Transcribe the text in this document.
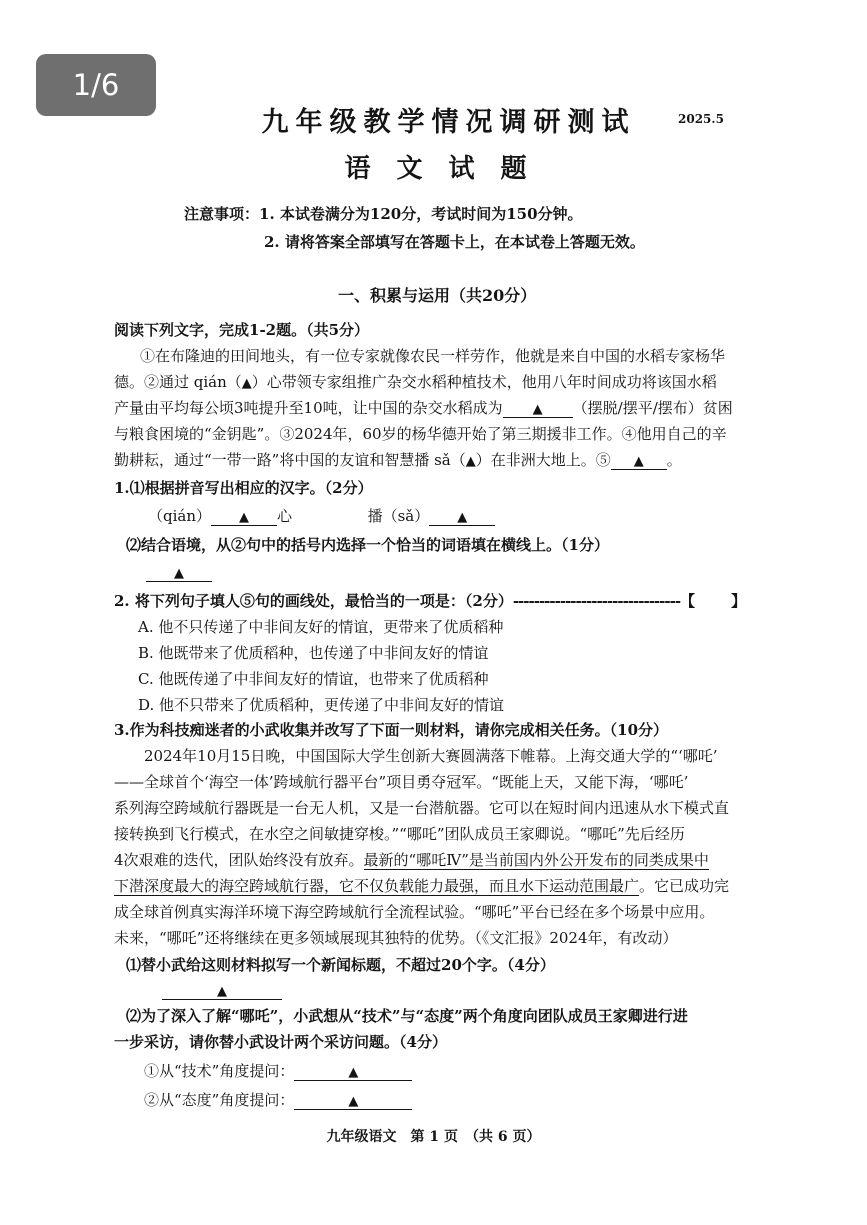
1/6
九年级教学情况调研测试	2025.5
语文试题
注意事项：1. 本试卷满分为120分，考试时间为150分钟。
2. 请将答案全部填写在答题卡上，在本试卷上答题无效。
一、积累与运用（共20分）
阅读下列文字，完成1-2题。（共5分）
①在布隆迪的田间地头，有一位专家就像农民一样劳作，他就是来自中国的水稻专家杨华
德。②通过 qián（▲）心带领专家组推广杂交水稻种植技术，他用八年时间成功将该国水稻
产量由平均每公顷3吨提升至10吨，让中国的杂交水稻成为 ▲ （摆脱/摆平/摆布）贫困
与粮食困境的“金钥匙”。③2024年，60岁的杨华德开始了第三期援非工作。④他用自己的辛
勤耕耘，通过“一带一路”将中国的友谊和智慧播 sǎ（▲）在非洲大地上。⑤ ▲ 。
1.⑴根据拼音写出相应的汉字。（2分）
（qián） ▲ 心	播（sǎ） ▲
⑵结合语境，从②句中的括号内选择一个恰当的词语填在横线上。（1分）
▲
2. 将下列句子填人⑤句的画线处，最恰当的一项是：（2分）--------------------------------【 】
A. 他不只传递了中非间友好的情谊，更带来了优质稻种
B. 他既带来了优质稻种，也传递了中非间友好的情谊
C. 他既传递了中非间友好的情谊，也带来了优质稻种
D. 他不只带来了优质稻种，更传递了中非间友好的情谊
3.作为科技痴迷者的小武收集并改写了下面一则材料，请你完成相关任务。（10分）
2024年10月15日晚，中国国际大学生创新大赛圆满落下帷幕。上海交通大学的“‘哪吒’
——全球首个‘海空一体’跨域航行器平台”项目勇夺冠军。“既能上天，又能下海，‘哪吒’
系列海空跨域航行器既是一台无人机，又是一台潜航器。它可以在短时间内迅速从水下模式直
接转换到飞行模式，在水空之间敏捷穿梭。”“哪吒”团队成员王家卿说。“哪吒”先后经历
4次艰难的迭代，团队始终没有放弃。最新的“哪吒Ⅳ”是当前国内外公开发布的同类成果中
下潜深度最大的海空跨域航行器，它不仅负载能力最强，而且水下运动范围最广。它已成功完
成全球首例真实海洋环境下海空跨域航行全流程试验。“哪吒”平台已经在多个场景中应用。
未来，“哪吒”还将继续在更多领域展现其独特的优势。（《文汇报》2024年，有改动）
⑴替小武给这则材料拟写一个新闻标题，不超过20个字。（4分）
▲
⑵为了深入了解“哪吒”，小武想从“技术”与“态度”两个角度向团队成员王家卿进行进
一步采访，请你替小武设计两个采访问题。（4分）
①从“技术”角度提问：	▲
②从“态度”角度提问：	▲
九年级语文　第 1 页　（共 6 页）
